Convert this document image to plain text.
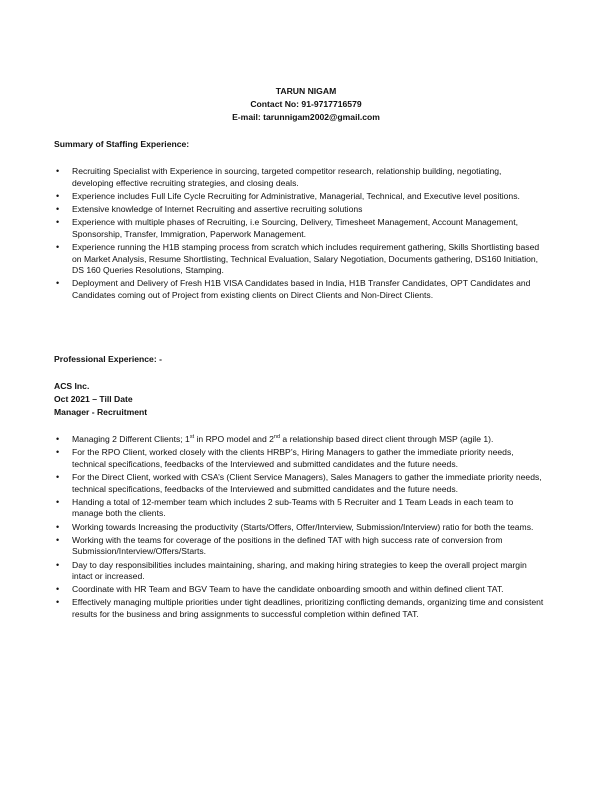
TARUN NIGAM
Contact No: 91-9717716579
E-mail: tarunnigam2002@gmail.com
Summary of Staffing Experience:
• Recruiting Specialist with Experience in sourcing, targeted competitor research, relationship building, negotiating, developing effective recruiting strategies, and closing deals.
• Experience includes Full Life Cycle Recruiting for Administrative, Managerial, Technical, and Executive level positions.
• Extensive knowledge of Internet Recruiting and assertive recruiting solutions
• Experience with multiple phases of Recruiting, i.e Sourcing, Delivery, Timesheet Management, Account Management, Sponsorship, Transfer, Immigration, Paperwork Management.
• Experience running the H1B stamping process from scratch which includes requirement gathering, Skills Shortlisting based on Market Analysis, Resume Shortlisting, Technical Evaluation, Salary Negotiation, Documents gathering, DS160 Initiation, DS 160 Queries Resolutions, Stamping.
• Deployment and Delivery of Fresh H1B VISA Candidates based in India, H1B Transfer Candidates, OPT Candidates and Candidates coming out of Project from existing clients on Direct Clients and Non-Direct Clients.
Professional Experience: -
ACS Inc.
Oct 2021 – Till Date
Manager - Recruitment
• Managing 2 Different Clients; 1st in RPO model and 2nd a relationship based direct client through MSP (agile 1).
• For the RPO Client, worked closely with the clients HRBP’s, Hiring Managers to gather the immediate priority needs, technical specifications, feedbacks of the Interviewed and submitted candidates and the future needs.
• For the Direct Client, worked with CSA’s (Client Service Managers), Sales Managers to gather the immediate priority needs, technical specifications, feedbacks of the Interviewed and submitted candidates and the future needs.
• Handing a total of 12-member team which includes 2 sub-Teams with 5 Recruiter and 1 Team Leads in each team to manage both the clients.
• Working towards Increasing the productivity (Starts/Offers, Offer/Interview, Submission/Interview) ratio for both the teams.
• Working with the teams for coverage of the positions in the defined TAT with high success rate of conversion from Submission/Interview/Offers/Starts.
• Day to day responsibilities includes maintaining, sharing, and making hiring strategies to keep the overall project margin intact or increased.
• Coordinate with HR Team and BGV Team to have the candidate onboarding smooth and within defined client TAT.
• Effectively managing multiple priorities under tight deadlines, prioritizing conflicting demands, organizing time and consistent results for the business and bring assignments to successful completion within defined TAT.
